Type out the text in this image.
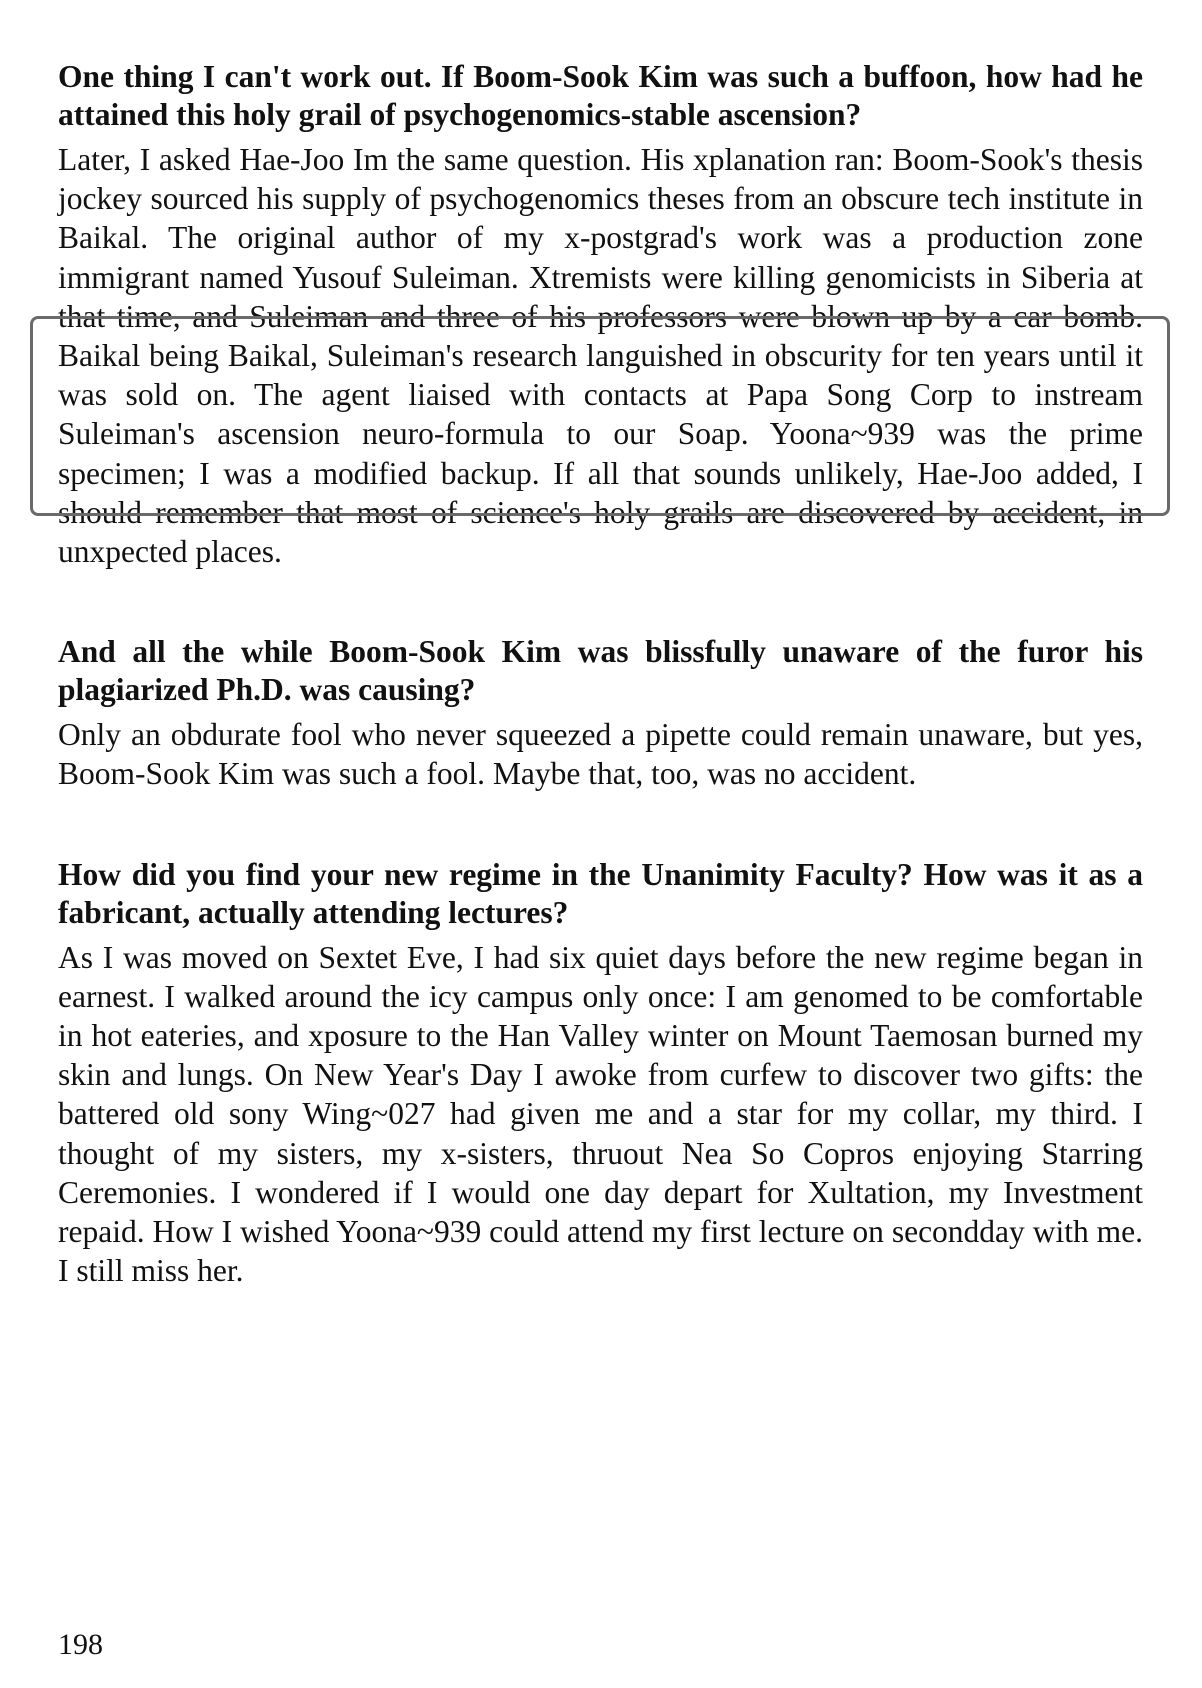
One thing I can't work out. If Boom-Sook Kim was such a buffoon, how had he attained this holy grail of psychogenomics-stable ascension?

Later, I asked Hae-Joo Im the same question. His xplanation ran: Boom-Sook's thesis jockey sourced his supply of psychogenomics theses from an obscure tech institute in Baikal. The original author of my x-postgrad's work was a production zone immigrant named Yusouf Suleiman. Xtremists were killing genomicists in Siberia at that time, and Suleiman and three of his professors were blown up by a car bomb. Baikal being Baikal, Suleiman's research languished in obscurity for ten years until it was sold on. The agent liaised with contacts at Papa Song Corp to instream Suleiman's ascension neuro-formula to our Soap. Yoona~939 was the prime specimen; I was a modified backup. If all that sounds unlikely, Hae-Joo added, I should remember that most of science's holy grails are discovered by accident, in unxpected places.

And all the while Boom-Sook Kim was blissfully unaware of the furor his plagiarized Ph.D. was causing?

Only an obdurate fool who never squeezed a pipette could remain unaware, but yes, Boom-Sook Kim was such a fool. Maybe that, too, was no accident.

How did you find your new regime in the Unanimity Faculty? How was it as a fabricant, actually attending lectures?

As I was moved on Sextet Eve, I had six quiet days before the new regime began in earnest. I walked around the icy campus only once: I am genomed to be comfortable in hot eateries, and xposure to the Han Valley winter on Mount Taemosan burned my skin and lungs. On New Year's Day I awoke from curfew to discover two gifts: the battered old sony Wing~027 had given me and a star for my collar, my third. I thought of my sisters, my x-sisters, thruout Nea So Copros enjoying Starring Ceremonies. I wondered if I would one day depart for Xultation, my Investment repaid. How I wished Yoona~939 could attend my first lecture on secondday with me. I still miss her.

198
